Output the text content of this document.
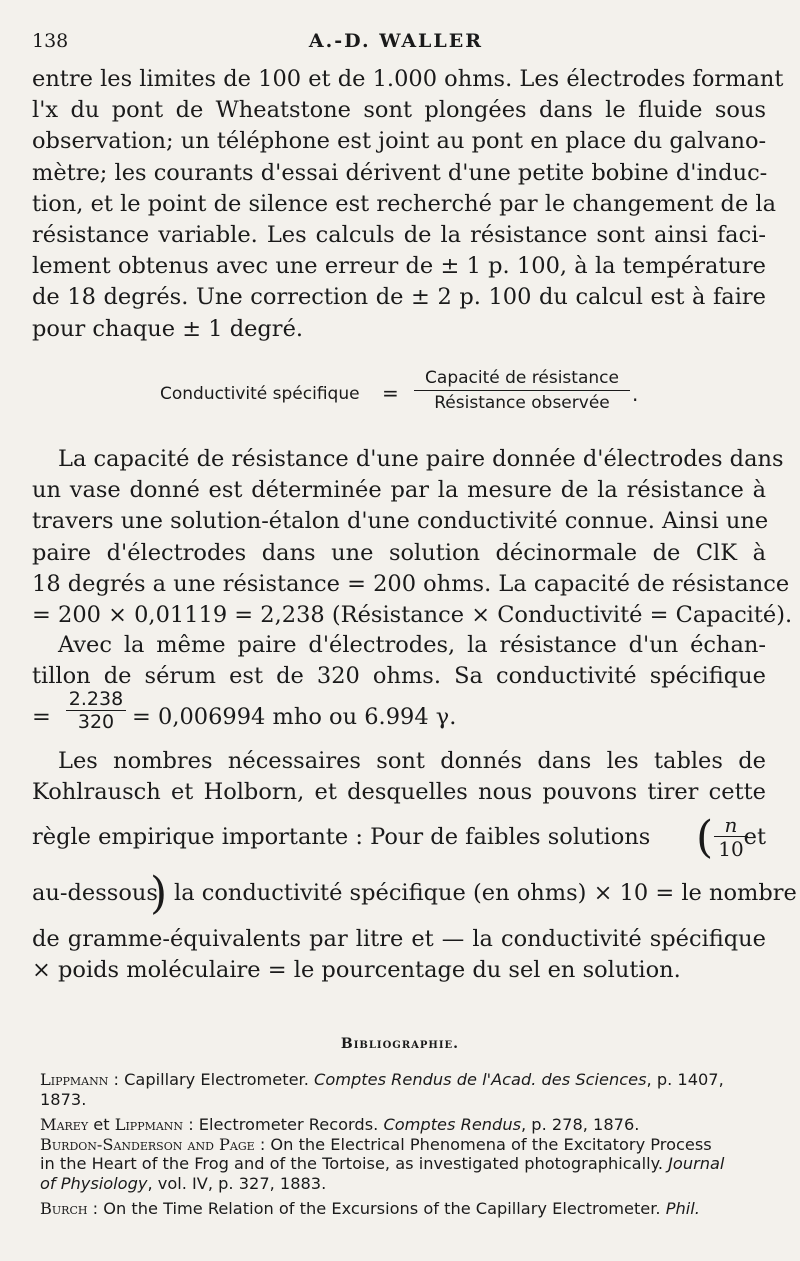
138	A.-D. WALLER
entre les limites de 100 et de 1.000 ohms. Les électrodes formant
l'x du pont de Wheatstone sont plongées dans le fluide sous
observation; un téléphone est joint au pont en place du galvano-
mètre; les courants d'essai dérivent d'une petite bobine d'induc-
tion, et le point de silence est recherché par le changement de la
résistance variable. Les calculs de la résistance sont ainsi faci-
lement obtenus avec une erreur de ± 1 p. 100, à la température
de 18 degrés. Une correction de ± 2 p. 100 du calcul est à faire
pour chaque ± 1 degré.
Conductivité spécifique =
Capacité de résistance
Résistance observée	.
La capacité de résistance d'une paire donnée d'électrodes dans
un vase donné est déterminée par la mesure de la résistance à
travers une solution-étalon d'une conductivité connue. Ainsi une
paire d'électrodes dans une solution décinormale de ClK à
18 degrés a une résistance = 200 ohms. La capacité de résistance
= 200 × 0,01119 = 2,238 (Résistance × Conductivité = Capacité).
Avec la même paire d'électrodes, la résistance d'un échan-
tillon de sérum est de 320 ohms. Sa conductivité spécifique
= $\frac{2.238}{320} = 0,006994$ mho ou 6.994 γ.
Les nombres nécessaires sont donnés dans les tables de
Kohlrausch et Holborn, et desquelles nous pouvons tirer cette
règle empirique importante : Pour de faibles solutions ( $\frac{n}{10}$
et
au-dessous
) la conductivité spécifique (en ohms) × 10 = le nombre
de gramme-équivalents par litre et — la conductivité spécifique
× poids moléculaire = le pourcentage du sel en solution.
Bibliographie.
Lippmann : Capillary Electrometer. Comptes Rendus de l'Acad. des Sciences, p. 1407,
1873.
Marey et Lippmann : Electrometer Records. Comptes Rendus, p. 278, 1876.
Burdon-Sanderson and Page : On the Electrical Phenomena of the Excitatory Process
in the Heart of the Frog and of the Tortoise, as investigated photographically. Journal
of Physiology, vol. IV, p. 327, 1883.
Burch : On the Time Relation of the Excursions of the Capillary Electrometer. Phil.
